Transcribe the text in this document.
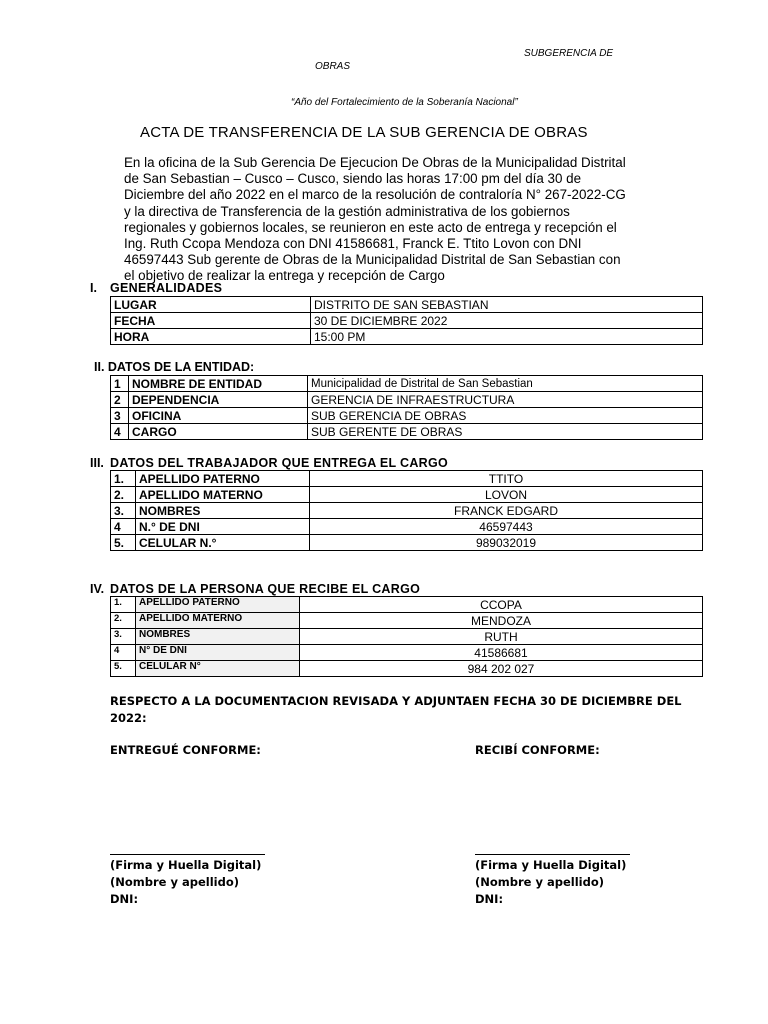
SUBGERENCIA DE
OBRAS
“Año del Fortalecimiento de la Soberanía Nacional”
ACTA DE TRANSFERENCIA DE LA SUB GERENCIA DE OBRAS
En la oficina de la Sub Gerencia De Ejecucion De Obras de la Municipalidad Distrital
de San Sebastian – Cusco – Cusco, siendo las horas 17:00 pm del día 30 de
Diciembre del año 2022 en el marco de la resolución de contraloría N° 267-2022-CG
y la directiva de Transferencia de la gestión administrativa de los gobiernos
regionales y gobiernos locales, se reunieron en este acto de entrega y recepción el
Ing. Ruth Ccopa Mendoza con DNI 41586681, Franck E. Ttito Lovon con DNI
46597443 Sub gerente de Obras de la Municipalidad Distrital de San Sebastian con
el objetivo de realizar la entrega y recepción de Cargo
I. GENERALIDADES
LUGAR	DISTRITO DE SAN SEBASTIAN
FECHA	30 DE DICIEMBRE 2022
HORA	15:00 PM
II. DATOS DE LA ENTIDAD:
1	NOMBRE DE ENTIDAD	Municipalidad de Distrital de San Sebastian
2	DEPENDENCIA	GERENCIA DE INFRAESTRUCTURA
3	OFICINA	SUB GERENCIA DE OBRAS
4	CARGO	SUB GERENTE DE OBRAS
III. DATOS DEL TRABAJADOR QUE ENTREGA EL CARGO
1.	APELLIDO PATERNO	TTITO
2.	APELLIDO MATERNO	LOVON
3.	NOMBRES	FRANCK EDGARD
4	N.° DE DNI	46597443
5.	CELULAR N.°	989032019
IV. DATOS DE LA PERSONA QUE RECIBE EL CARGO
1.	APELLIDO PATERNO	CCOPA
2.	APELLIDO MATERNO	MENDOZA
3.	NOMBRES	RUTH
4	N° DE DNI	41586681
5.	CELULAR N°	984 202 027
RESPECTO A LA DOCUMENTACION REVISADA Y ADJUNTAEN FECHA 30 DE DICIEMBRE DEL
2022:
ENTREGUÉ CONFORME:
(Firma y Huella Digital)
(Nombre y apellido)
DNI:
RECIBÍ CONFORME:
(Firma y Huella Digital)
(Nombre y apellido)
DNI:
